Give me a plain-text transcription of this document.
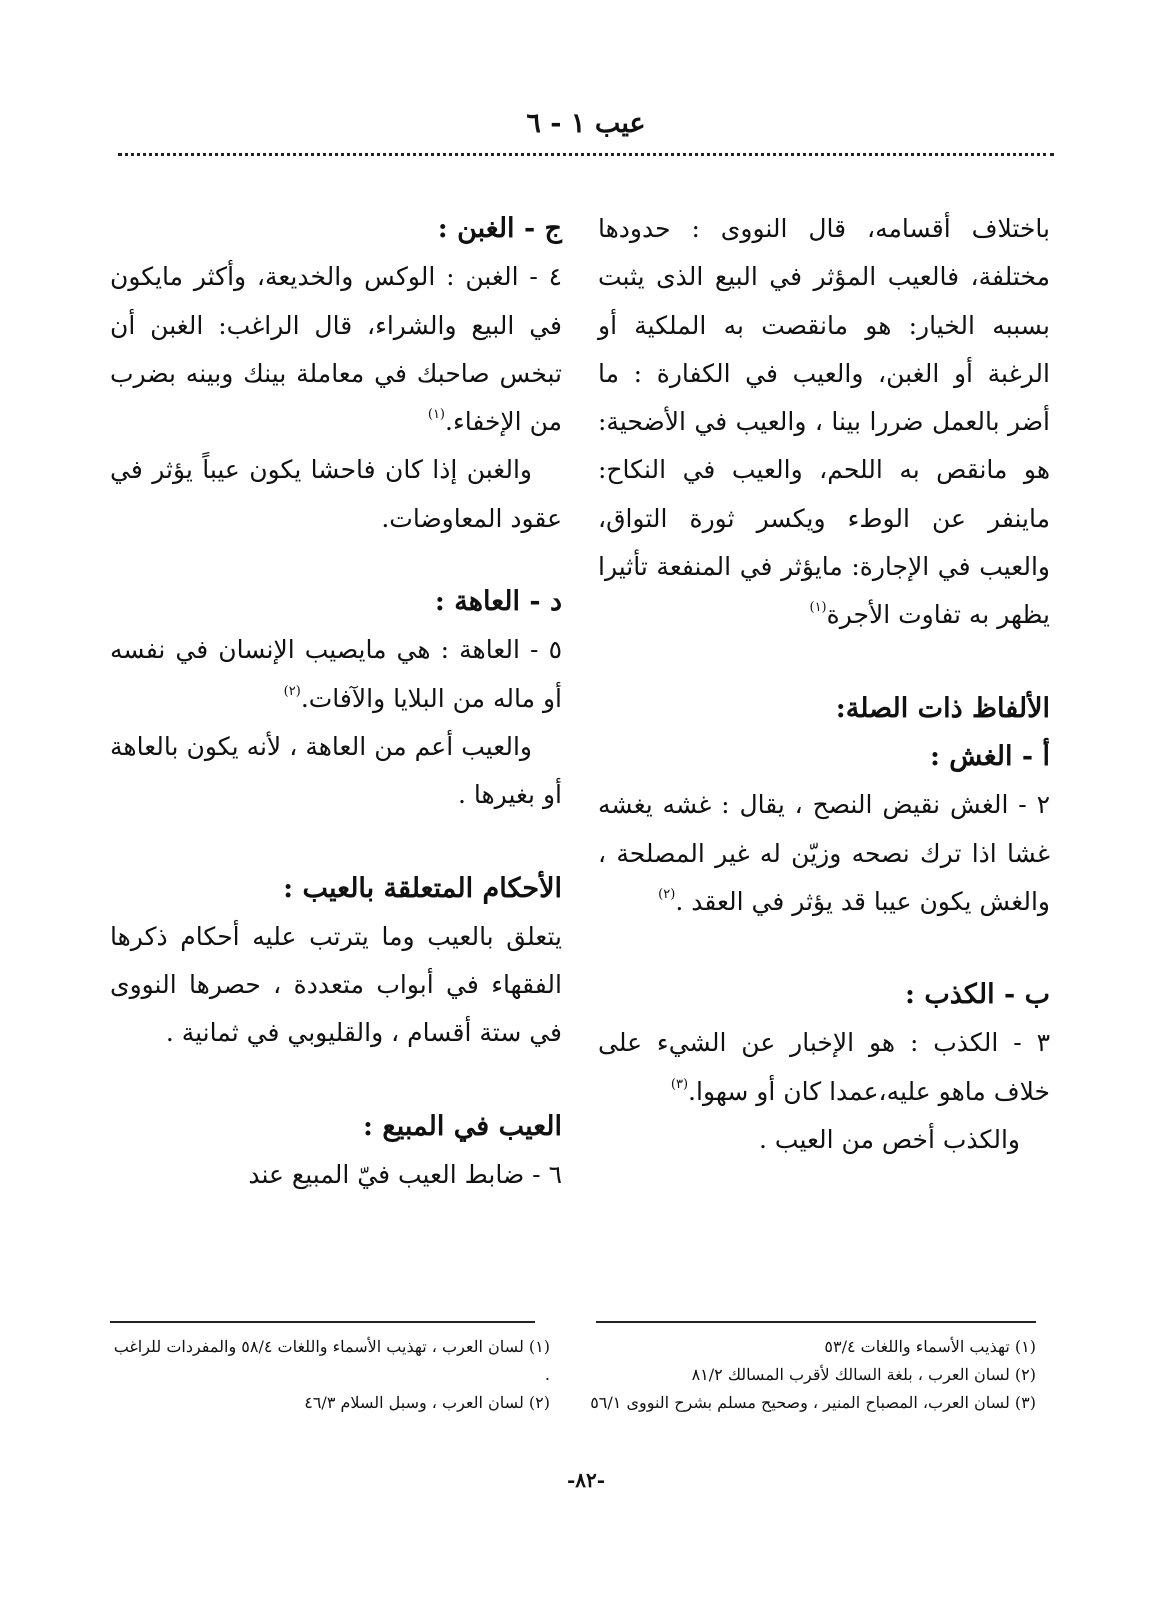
عيب ١ - ٦

باختلاف أقسامه، قال النووى : حدودها مختلفة، فالعيب المؤثر في البيع الذى يثبت بسببه الخيار: هو مانقصت به الملكية أو الرغبة أو الغبن، والعيب في الكفارة : ما أضر بالعمل ضررا بينا ، والعيب في الأضحية: هو مانقص به اللحم، والعيب في النكاح: ماينفر عن الوطء ويكسر ثورة التواق، والعيب في الإجارة: مايؤثر في المنفعة تأثيرا يظهر به تفاوت الأجرة$^{(١)}$

الألفاظ ذات الصلة:

أ - الغش :

٢ - الغش نقيض النصح ، يقال : غشه يغشه غشا اذا ترك نصحه وزيّن له غير المصلحة ، والغش يكون عيبا قد يؤثر في العقد .$^{(٢)}$

ب - الكذب :

٣ - الكذب : هو الإخبار عن الشيء على خلاف ماهو عليه،عمدا كان أو سهوا.$^{(٣)}$

والكذب أخص من العيب .

ج - الغبن :

٤ - الغبن : الوكس والخديعة، وأكثر مايكون في البيع والشراء، قال الراغب: الغبن أن تبخس صاحبك في معاملة بينك وبينه بضرب من الإخفاء.$^{(١)}$

والغبن إذا كان فاحشا يكون عيباً يؤثر في عقود المعاوضات.

د - العاهة :

٥ - العاهة : هي مايصيب الإنسان في نفسه أو ماله من البلايا والآفات.$^{(٢)}$

والعيب أعم من العاهة ، لأنه يكون بالعاهة أو بغيرها .

الأحكام المتعلقة بالعيب :

يتعلق بالعيب وما يترتب عليه أحكام ذكرها الفقهاء في أبواب متعددة ، حصرها النووى في ستة أقسام ، والقليوبي في ثمانية .

العيب في المبيع :

٦ - ضابط العيب فيّ المبيع عند

(١) تهذيب الأسماء واللغات ٥٣/٤

(٢) لسان العرب ، بلغة السالك لأقرب المسالك ٨١/٢

(٣) لسان العرب، المصباح المنير ، وصحيح مسلم بشرح النووى ٥٦/١

(١) لسان العرب ، تهذيب الأسماء واللغات ٥٨/٤ والمفردات للراغب .

(٢) لسان العرب ، وسبل السلام ٤٦/٣

-٨٢-
